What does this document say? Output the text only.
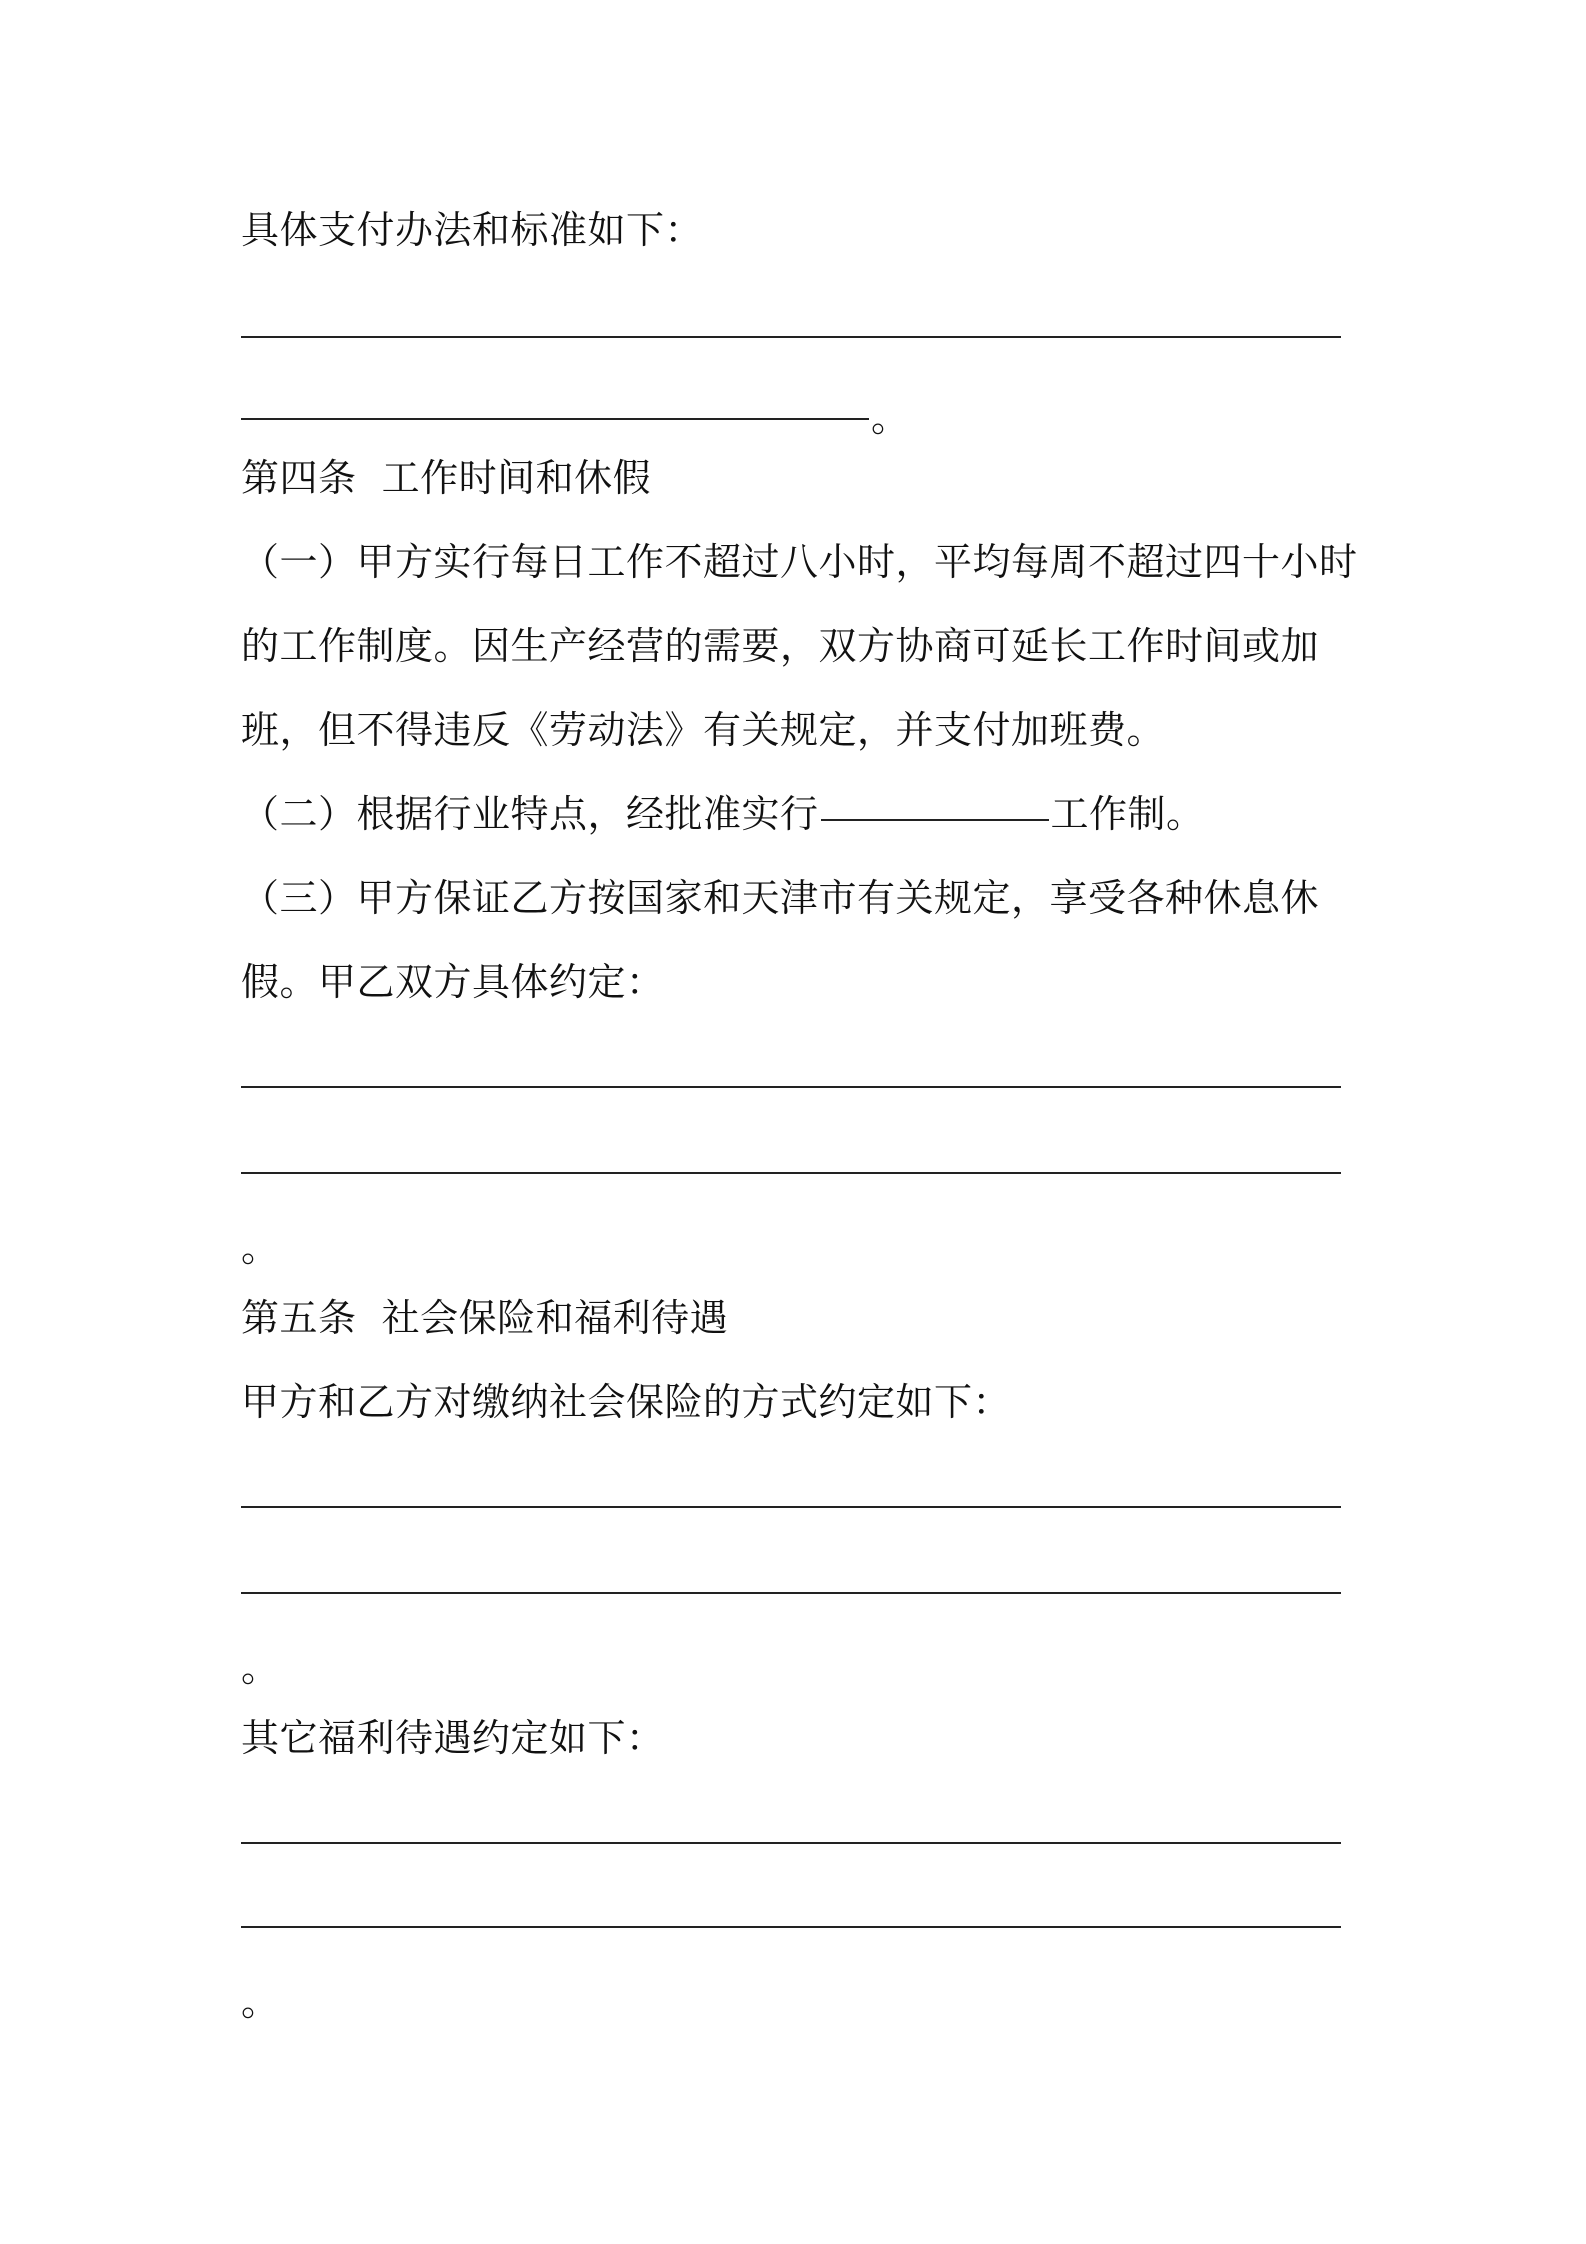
具体支付办法和标准如下：
。
第四条  工作时间和休假
（一）甲方实行每日工作不超过八小时，平均每周不超过四十小时
的工作制度。因生产经营的需要，双方协商可延长工作时间或加
班，但不得违反《劳动法》有关规定，并支付加班费。
（二）根据行业特点，经批准实行	工作制。
（三）甲方保证乙方按国家和天津市有关规定，享受各种休息休
假。甲乙双方具体约定：
。
第五条  社会保险和福利待遇
甲方和乙方对缴纳社会保险的方式约定如下：
。
其它福利待遇约定如下：
。
